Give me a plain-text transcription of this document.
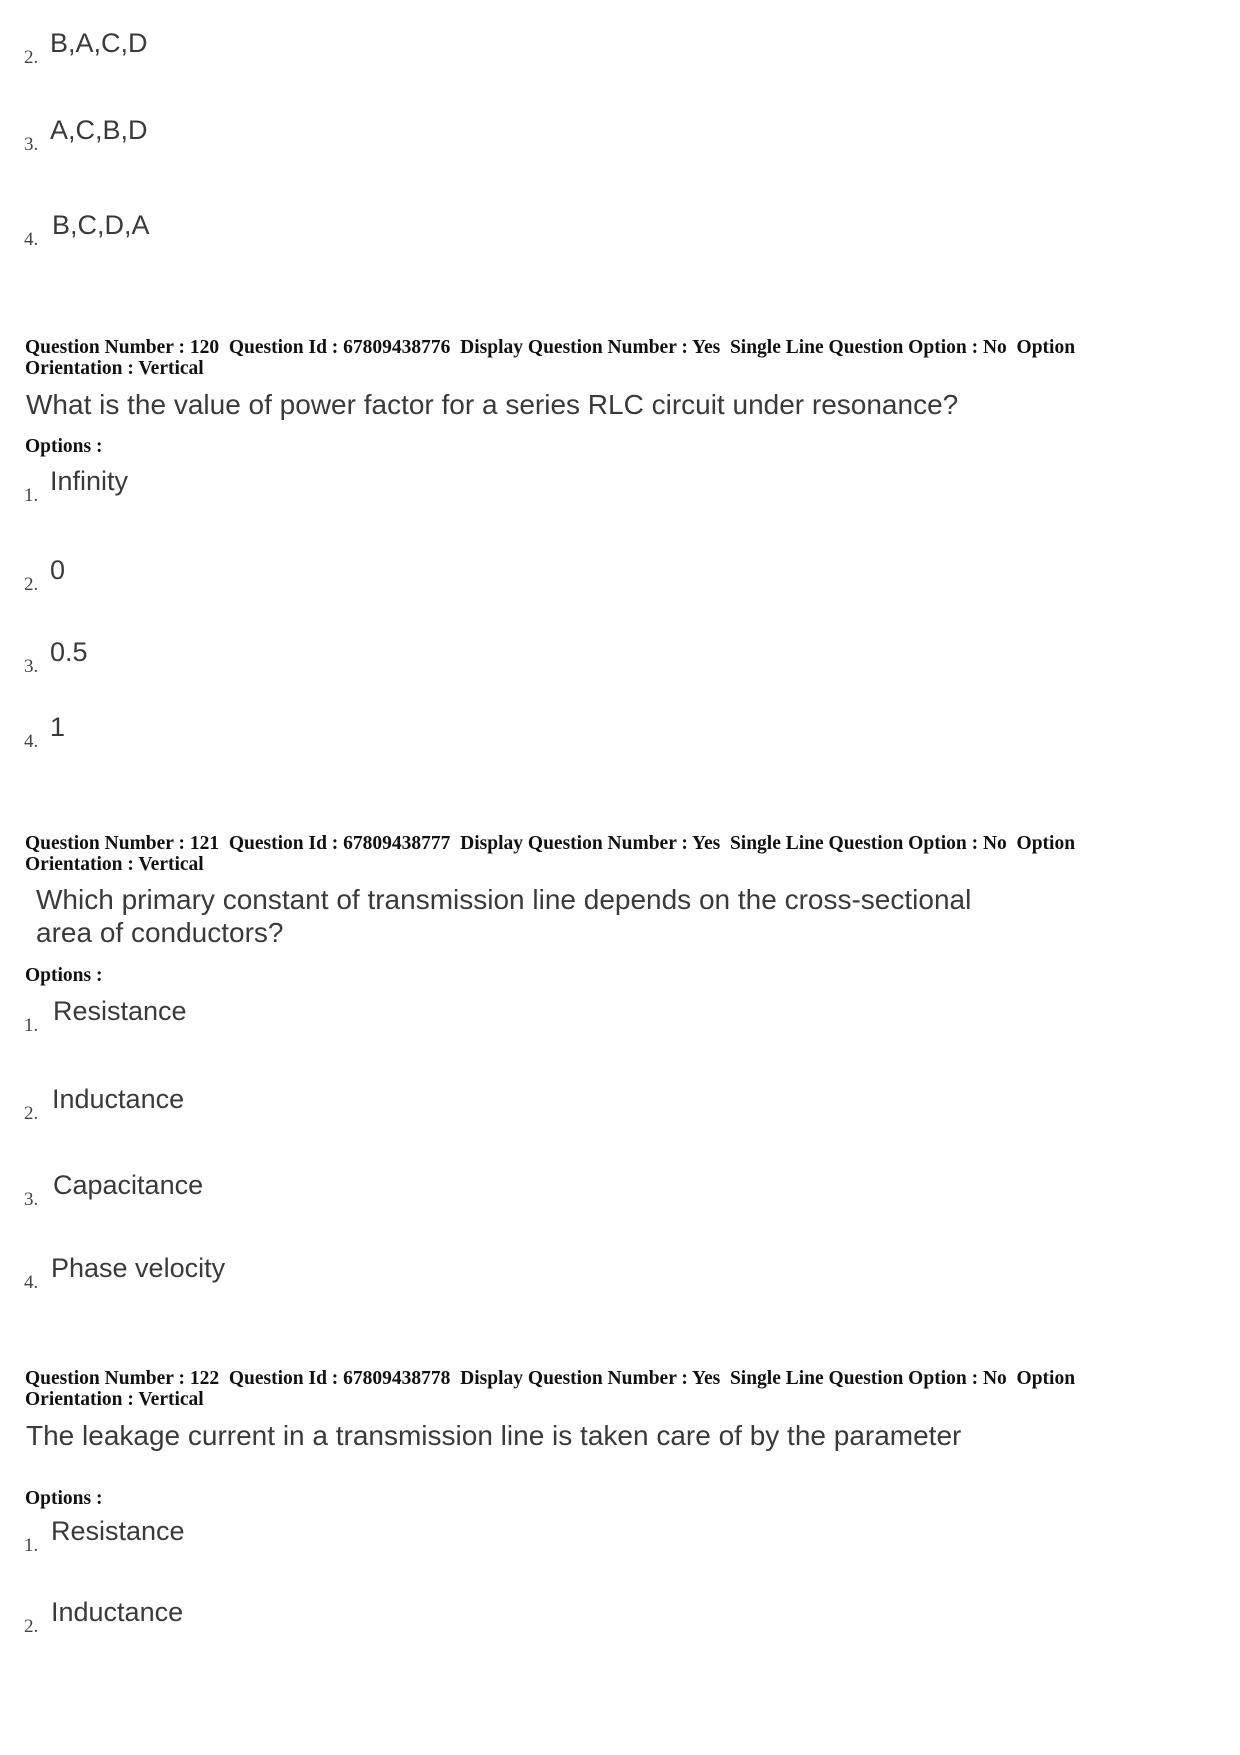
2. B,A,C,D
3. A,C,B,D
4. B,C,D,A
Question Number : 120  Question Id : 67809438776  Display Question Number : Yes  Single Line Question Option : No  Option
Orientation : Vertical
What is the value of power factor for a series RLC circuit under resonance?
Options :
1. Infinity
2. 0
3. 0.5
4. 1
Question Number : 121  Question Id : 67809438777  Display Question Number : Yes  Single Line Question Option : No  Option
Orientation : Vertical
Which primary constant of transmission line depends on the cross-sectional
area of conductors?
Options :
1. Resistance
2. Inductance
3. Capacitance
4. Phase velocity
Question Number : 122  Question Id : 67809438778  Display Question Number : Yes  Single Line Question Option : No  Option
Orientation : Vertical
The leakage current in a transmission line is taken care of by the parameter
Options :
1. Resistance
2. Inductance
